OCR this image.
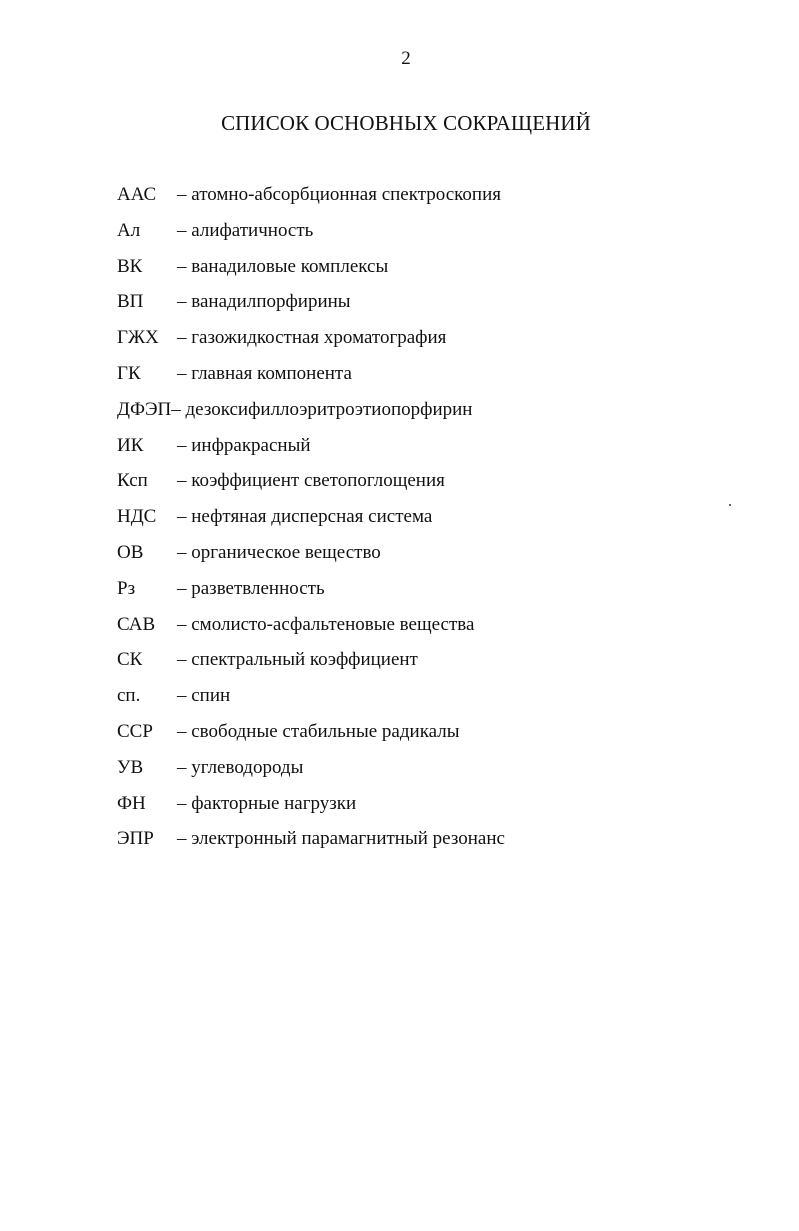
2
СПИСОК ОСНОВНЫХ СОКРАЩЕНИЙ
ААС – атомно-абсорбционная спектроскопия
Ал – алифатичность
ВК – ванадиловые комплексы
ВП – ванадилпорфирины
ГЖХ – газожидкостная хроматография
ГК – главная компонента
ДФЭП– дезоксифиллоэритроэтиопорфирин
ИК – инфракрасный
Ксп – коэффициент светопоглощения
НДС – нефтяная дисперсная система
ОВ – органическое вещество
Рз – разветвленность
САВ – смолисто-асфальтеновые вещества
СК – спектральный коэффициент
сп. – спин
ССР – свободные стабильные радикалы
УВ – углеводороды
ФН – факторные нагрузки
ЭПР – электронный парамагнитный резонанс
